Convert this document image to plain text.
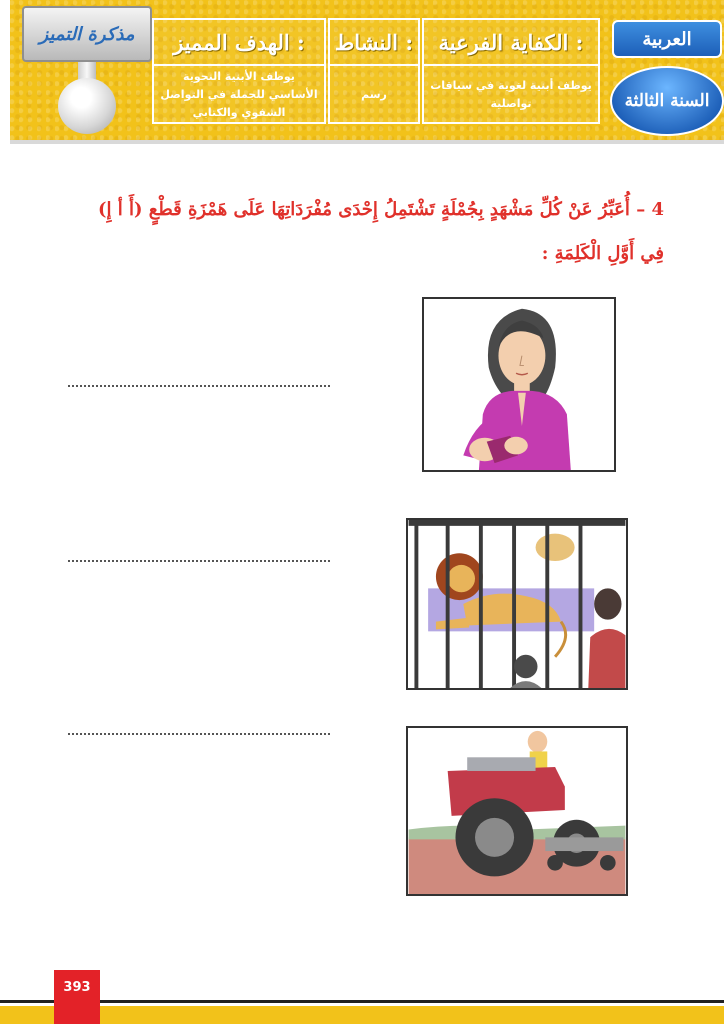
مذكرة التميز	الهدف المميز :
يوظف الأبنية النحوية الأساسي للجملة في التواصل الشفوي والكتابي
النشاط :
رسم
الكفاية الفرعية :
يوظف أبنية لغوية في سياقات تواصلية
العربية
السنة الثالثة
4 – أُعَبِّرُ عَنْ كُلِّ مَشْهَدٍ بِجُمْلَةٍ تَشْتَمِلُ إِحْدَى مُفْرَدَاتِهَا عَلَى هَمْزَةِ قَطْعٍ (أَ أ إِ)
فِي أَوَّلِ الْكَلِمَةِ :
393
